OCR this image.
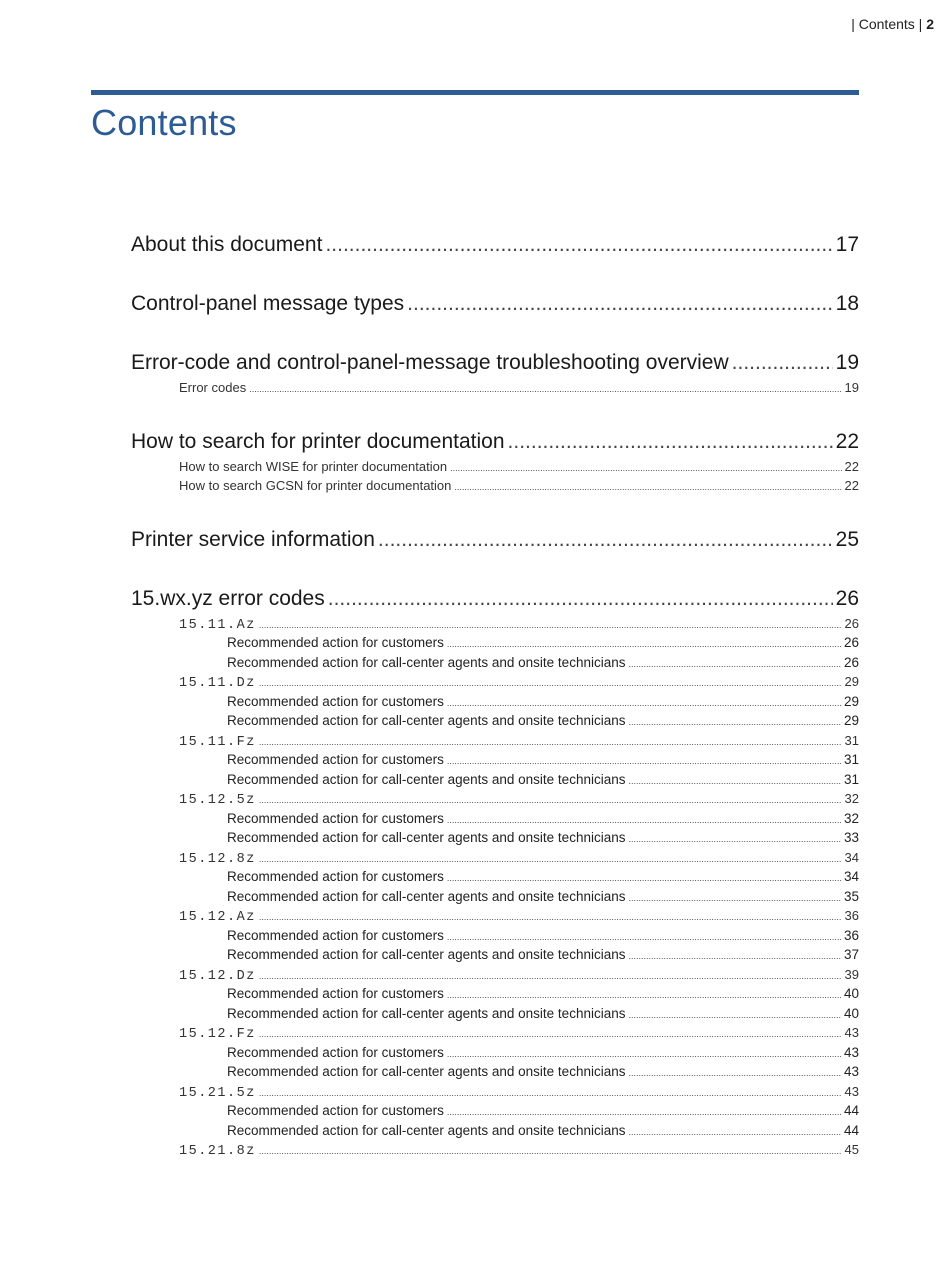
| Contents | 2
Contents
About this document .....	17
Control-panel message types .....	18
Error-code and control-panel-message troubleshooting overview .....	19
Error codes .....	19
How to search for printer documentation .....	22
How to search WISE for printer documentation .....	22
How to search GCSN for printer documentation .....	22
Printer service information .....	25
15.wx.yz error codes .....	26
15.11.Az .....	26
Recommended action for customers .....	26
Recommended action for call-center agents and onsite technicians .....	26
15.11.Dz .....	29
Recommended action for customers .....	29
Recommended action for call-center agents and onsite technicians .....	29
15.11.Fz .....	31
Recommended action for customers .....	31
Recommended action for call-center agents and onsite technicians .....	31
15.12.5z .....	32
Recommended action for customers .....	32
Recommended action for call-center agents and onsite technicians .....	33
15.12.8z .....	34
Recommended action for customers .....	34
Recommended action for call-center agents and onsite technicians .....	35
15.12.Az .....	36
Recommended action for customers .....	36
Recommended action for call-center agents and onsite technicians .....	37
15.12.Dz .....	39
Recommended action for customers .....	40
Recommended action for call-center agents and onsite technicians .....	40
15.12.Fz .....	43
Recommended action for customers .....	43
Recommended action for call-center agents and onsite technicians .....	43
15.21.5z .....	43
Recommended action for customers .....	44
Recommended action for call-center agents and onsite technicians .....	44
15.21.8z .....	45
